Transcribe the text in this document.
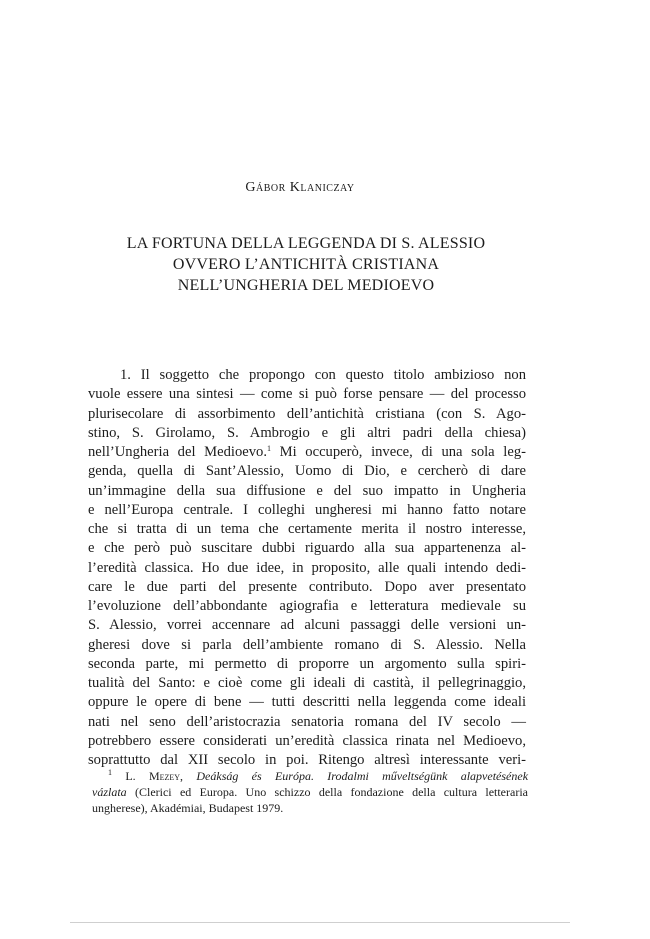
Gábor Klaniczay
LA FORTUNA DELLA LEGGENDA DI S. ALESSIO
OVVERO L’ANTICHITÀ CRISTIANA
NELL’UNGHERIA DEL MEDIOEVO
1. Il soggetto che propongo con questo titolo ambizioso non
vuole essere una sintesi — come si può forse pensare — del processo
plurisecolare di assorbimento dell’antichità cristiana (con S. Ago-
stino, S. Girolamo, S. Ambrogio e gli altri padri della chiesa)
nell’Ungheria del Medioevo.$^1$ Mi occuperò, invece, di una sola leg-
genda, quella di Sant’Alessio, Uomo di Dio, e cercherò di dare
un’immagine della sua diffusione e del suo impatto in Ungheria
e nell’Europa centrale. I colleghi ungheresi mi hanno fatto notare
che si tratta di un tema che certamente merita il nostro interesse,
e che però può suscitare dubbi riguardo alla sua appartenenza al-
l’eredità classica. Ho due idee, in proposito, alle quali intendo dedi-
care le due parti del presente contributo. Dopo aver presentato
l’evoluzione dell’abbondante agiografia e letteratura medievale su
S. Alessio, vorrei accennare ad alcuni passaggi delle versioni un-
gheresi dove si parla dell’ambiente romano di S. Alessio. Nella
seconda parte, mi permetto di proporre un argomento sulla spiri-
tualità del Santo: e cioè come gli ideali di castità, il pellegrinaggio,
oppure le opere di bene — tutti descritti nella leggenda come ideali
nati nel seno dell’aristocrazia senatoria romana del IV secolo —
potrebbero essere considerati un’eredità classica rinata nel Medioevo,
soprattutto dal XII secolo in poi. Ritengo altresì interessante veri-
$^1$ L. Mezey, Deákság és Európa. Irodalmi műveltségünk alapvetésének
vázlata (Clerici ed Europa. Uno schizzo della fondazione della cultura letteraria
ungherese), Akadémiai, Budapest 1979.
